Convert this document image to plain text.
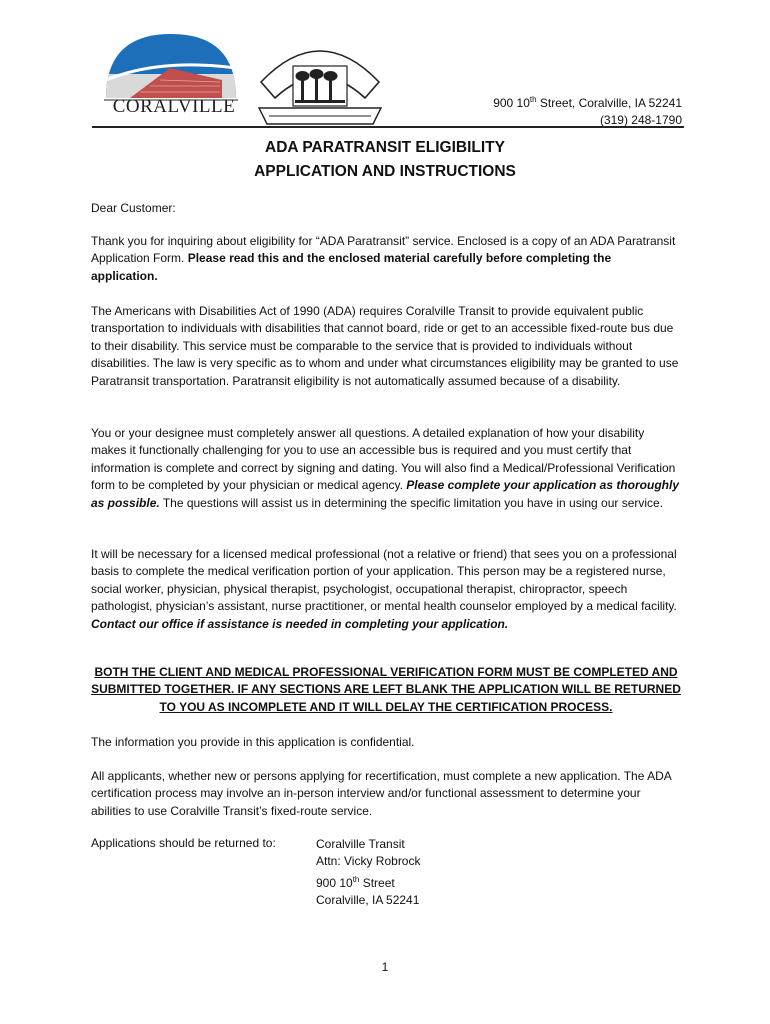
CORALVILLE	900 10th Street, Coralville, IA 52241
(319) 248-1790
ADA PARATRANSIT ELIGIBILITY
APPLICATION AND INSTRUCTIONS
Dear Customer:

Thank you for inquiring about eligibility for “ADA Paratransit” service. Enclosed is a copy of an ADA Paratransit Application Form. Please read this and the enclosed material carefully before completing the application.

The Americans with Disabilities Act of 1990 (ADA) requires Coralville Transit to provide equivalent public transportation to individuals with disabilities that cannot board, ride or get to an accessible fixed-route bus due to their disability. This service must be comparable to the service that is provided to individuals without disabilities. The law is very specific as to whom and under what circumstances eligibility may be granted to use Paratransit transportation. Paratransit eligibility is not automatically assumed because of a disability.

You or your designee must completely answer all questions. A detailed explanation of how your disability makes it functionally challenging for you to use an accessible bus is required and you must certify that information is complete and correct by signing and dating. You will also find a Medical/Professional Verification form to be completed by your physician or medical agency. Please complete your application as thoroughly as possible. The questions will assist us in determining the specific limitation you have in using our service.

It will be necessary for a licensed medical professional (not a relative or friend) that sees you on a professional basis to complete the medical verification portion of your application. This person may be a registered nurse, social worker, physician, physical therapist, psychologist, occupational therapist, chiropractor, speech pathologist, physician’s assistant, nurse practitioner, or mental health counselor employed by a medical facility. Contact our office if assistance is needed in completing your application.

BOTH THE CLIENT AND MEDICAL PROFESSIONAL VERIFICATION FORM MUST BE COMPLETED AND SUBMITTED TOGETHER. IF ANY SECTIONS ARE LEFT BLANK THE APPLICATION WILL BE RETURNED TO YOU AS INCOMPLETE AND IT WILL DELAY THE CERTIFICATION PROCESS.
The information you provide in this application is confidential.
All applicants, whether new or persons applying for recertification, must complete a new application. The ADA certification process may involve an in-person interview and/or functional assessment to determine your abilities to use Coralville Transit’s fixed-route service.
Applications should be returned to:	Coralville Transit
Attn: Vicky Robrock
900 10th Street
Coralville, IA 52241
1
